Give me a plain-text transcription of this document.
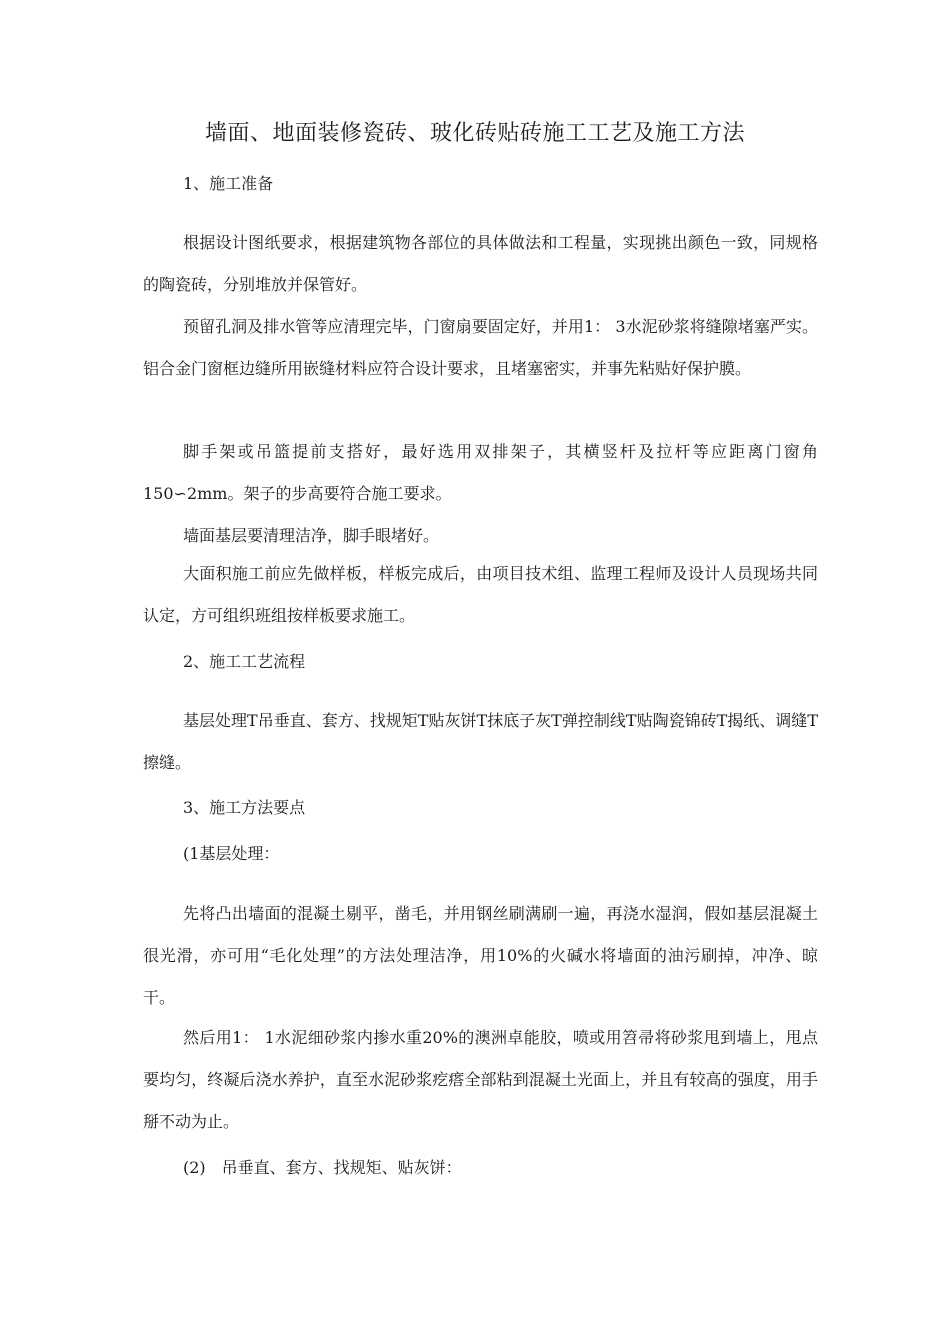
墙面、地面装修瓷砖、玻化砖贴砖施工工艺及施工方法
1、施工准备

根据设计图纸要求，根据建筑物各部位的具体做法和工程量，实现挑出颜色一致，同规格的陶瓷砖，分别堆放并保管好。

预留孔洞及排水管等应清理完毕，门窗扇要固定好，并用1： 3水泥砂浆将缝隙堵塞严实。铝合金门窗框边缝所用嵌缝材料应符合设计要求，且堵塞密实，并事先粘贴好保护膜。

脚手架或吊篮提前支搭好，最好选用双排架子，其横竖杆及拉杆等应距离门窗角150∽2mm。架子的步高要符合施工要求。

墙面基层要清理洁净，脚手眼堵好。

大面积施工前应先做样板，样板完成后，由项目技术组、监理工程师及设计人员现场共同认定，方可组织班组按样板要求施工。

2、施工工艺流程

基层处理T吊垂直、套方、找规矩T贴灰饼T抹底子灰T弹控制线T贴陶瓷锦砖T揭纸、调缝T擦缝。

3、施工方法要点
(1基层处理：

先将凸出墙面的混凝土剔平，凿毛，并用钢丝刷满刷一遍，再浇水湿润，假如基层混凝土很光滑，亦可用“毛化处理”的方法处理洁净，用10%的火碱水将墙面的油污刷掉，冲净、晾干。

然后用1： 1水泥细砂浆内掺水重20%的澳洲卓能胶，喷或用笤帚将砂浆甩到墙上，甩点要均匀，终凝后浇水养护，直至水泥砂浆疙瘩全部粘到混凝土光面上，并且有较高的强度，用手掰不动为止。

(2)　吊垂直、套方、找规矩、贴灰饼：
